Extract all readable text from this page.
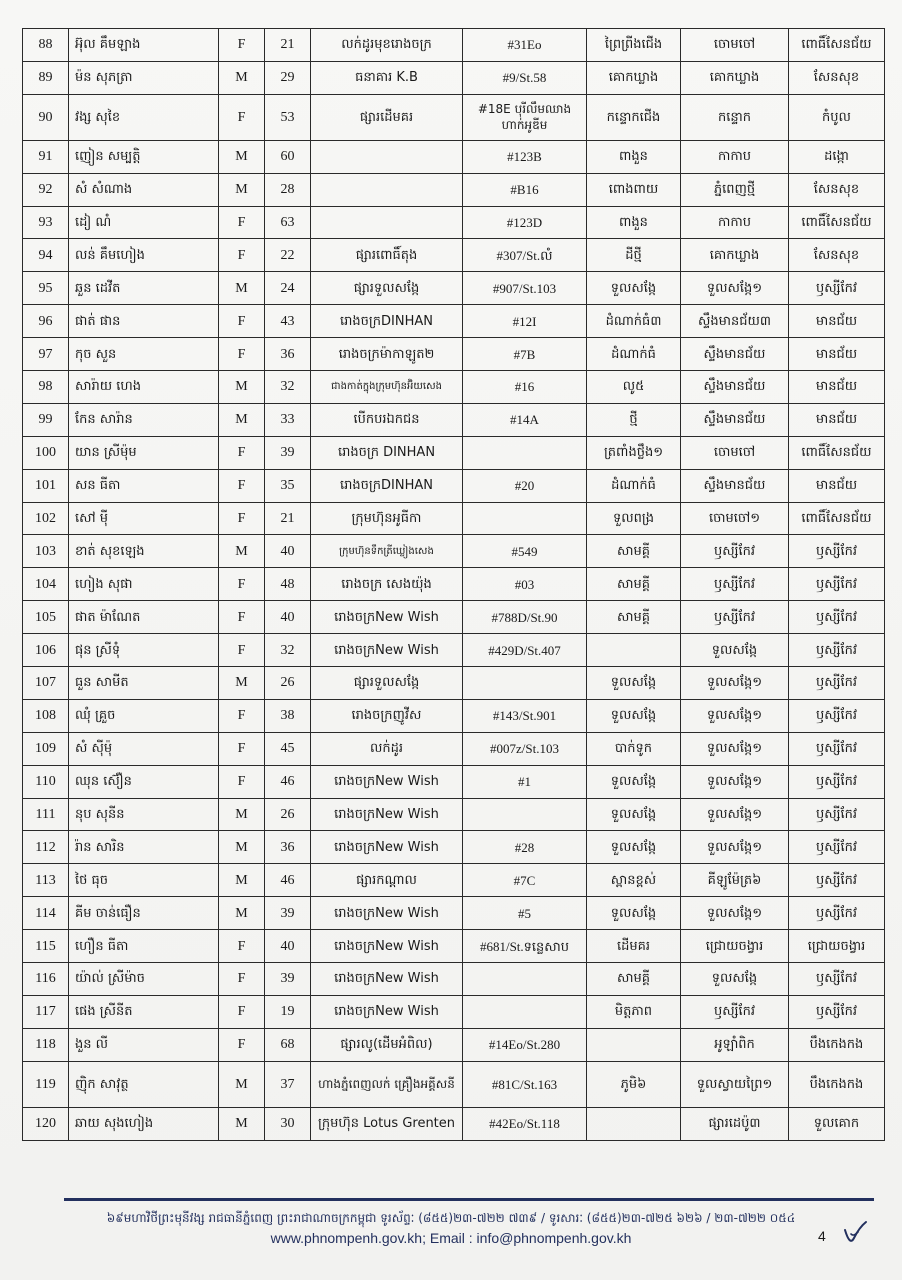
88	អ៊ុល គឹមឡាង	F	21	លក់ដូរមុខរោងចក្រ	#31Eo	ព្រៃព្រីងជើង	ចោមចៅ	ពោធិ៍សែនជ័យ
89	ម៉ន សុភត្រា	M	29	ធនាគារ K.B	#9/St.58	គោកឃ្លាង	គោកឃ្លាង	សែនសុខ
90	វង្ស សុខៃ	F	53	ផ្សារដើមគរ	#18E បុរីលឹមឈាង ហាក់អូឌីម	កន្ទោកជើង	កន្ទោក	កំបូល
91	ញៀន សម្បត្តិ	M	60		#123B	ពាងួន	កាកាប	ដង្កោ
92	សំ សំណាង	M	28		#B16	ពោងពាយ	ភ្នំពេញថ្មី	សែនសុខ
93	ដៀ ណំ	F	63		#123D	ពាងួន	កាកាប	ពោធិ៍សែនជ័យ
94	លន់ គឹមហៀង	F	22	ផ្សារពោធិ៍តុង	#307/St.លំ	ដីថ្មី	គោកឃ្លាង	សែនសុខ
95	ឆួន ដេវីត	M	24	ផ្សារទួលសង្កែ	#907/St.103	ទួលសង្កែ	ទួលសង្កែ១	ឫស្សីកែវ
96	ផាត់ ផាន	F	43	រោងចក្រDINHAN	#12I	ដំណាក់ធំ៣	ស្ទឹងមានជ័យ៣	មានជ័យ
97	កុច សួន	F	36	រោងចក្រម៉ាកាឡូត២	#7B	ដំណាក់ធំ	ស្ទឹងមានជ័យ	មានជ័យ
98	សារ៉ាយ ហេង	M	32	ជាងកាត់ក្នុងក្រុមហ៊ុនអ៊ិយសេង	#16	លូ៥	ស្ទឹងមានជ័យ	មានជ័យ
99	កែន សារ៉ាន	M	33	បើកបរឯកជន	#14A	ថ្មី	ស្ទឹងមានជ័យ	មានជ័យ
100	យាន ស្រីម៉ុម	F	39	រោងចក្រ DINHAN		ត្រពាំងថ្លឹង១	ចោមចៅ	ពោធិ៍សែនជ័យ
101	សន ធីតា	F	35	រោងចក្រDINHAN	#20	ដំណាក់ធំ	ស្ទឹងមានជ័យ	មានជ័យ
102	សៅ ម៉ី	F	21	ក្រុមហ៊ុនអូធីកា		ទួលពង្រ	ចោមចៅ១	ពោធិ៍សែនជ័យ
103	ខាត់ សុខឡេង	M	40	ក្រុមហ៊ុនទឹកត្រីឃ្លៀងសេង	#549	សាមគ្គី	ឫស្សីកែវ	ឫស្សីកែវ
104	ហៀង សុផា	F	48	រោងចក្រ សេងយ៉ុង	#03	សាមគ្គី	ឫស្សីកែវ	ឫស្សីកែវ
105	ផាត ម៉ាណែត	F	40	រោងចក្រNew Wish	#788D/St.90	សាមគ្គី	ឫស្សីកែវ	ឫស្សីកែវ
106	ផុន ស្រីទុំ	F	32	រោងចក្រNew Wish	#429D/St.407		ទួលសង្កែ	ឫស្សីកែវ
107	ធួន សាមីត	M	26	ផ្សារទួលសង្កែ		ទួលសង្កែ	ទួលសង្កែ១	ឫស្សីកែវ
108	ឈុំ គ្រួច	F	38	រោងចក្រញូវីស	#143/St.901	ទួលសង្កែ	ទួលសង្កែ១	ឫស្សីកែវ
109	សំ ស៊ីម៉ុ	F	45	លក់ដូរ	#007z/St.103	បាក់ទូក	ទួលសង្កែ១	ឫស្សីកែវ
110	ឈុន ស៊ឿន	F	46	រោងចក្រNew Wish	#1	ទួលសង្កែ	ទួលសង្កែ១	ឫស្សីកែវ
111	នុប សុនីន	M	26	រោងចក្រNew Wish		ទួលសង្កែ	ទួលសង្កែ១	ឫស្សីកែវ
112	រ៉ាន សារិន	M	36	រោងចក្រNew Wish	#28	ទួលសង្កែ	ទួលសង្កែ១	ឫស្សីកែវ
113	ថៃ ធុច	M	46	ផ្សារកណ្ដាល	#7C	ស្ពានខ្ពស់	គីឡូម៉ែត្រ៦	ឫស្សីកែវ
114	គីម ចាន់ធឿន	M	39	រោងចក្រNew Wish	#5	ទួលសង្កែ	ទួលសង្កែ១	ឫស្សីកែវ
115	ហឿន ធីតា	F	40	រោងចក្រNew Wish	#681/St.ទន្លេសាប	ដើមគរ	ជ្រោយចង្វារ	ជ្រោយចង្វារ
116	យ៉ាល់ ស្រីម៉ាច	F	39	រោងចក្រNew Wish		សាមគ្គី	ទួលសង្កែ	ឫស្សីកែវ
117	ផេង ស្រីនីត	F	19	រោងចក្រNew Wish		មិត្តភាព	ឫស្សីកែវ	ឫស្សីកែវ
118	ងួន លី	F	68	ផ្សារលូ(ដើមអំពិល)	#14Eo/St.280		អូឡាំពិក	បឹងកេងកង
119	ញ៉ិក សាវុត្ថ	M	37	ហាងភ្នំពេញលក់ គ្រឿងអគ្គីសនី	#81C/St.163	ភូមិ៦	ទួលស្វាយព្រៃ១	បឹងកេងកង
120	ឆាយ សុងហៀង	M	30	ក្រុមហ៊ុន Lotus Grenten	#42Eo/St.118		ផ្សារដេប៉ូ៣	ទួលគោក
៦៩មហាវិថីព្រះមុនីវង្ស រាជធានីភ្នំពេញ ព្រះរាជាណាចក្រកម្ពុជា ទូរស័ព្ទៈ (៨៥៥)២៣-៧២២ ៧៣៩ / ទូរសារៈ (៨៥៥)២៣-៧២៥ ៦២៦ / ២៣-៧២២ ០៥៤
www.phnompenh.gov.kh; Email : info@phnompenh.gov.kh	4
